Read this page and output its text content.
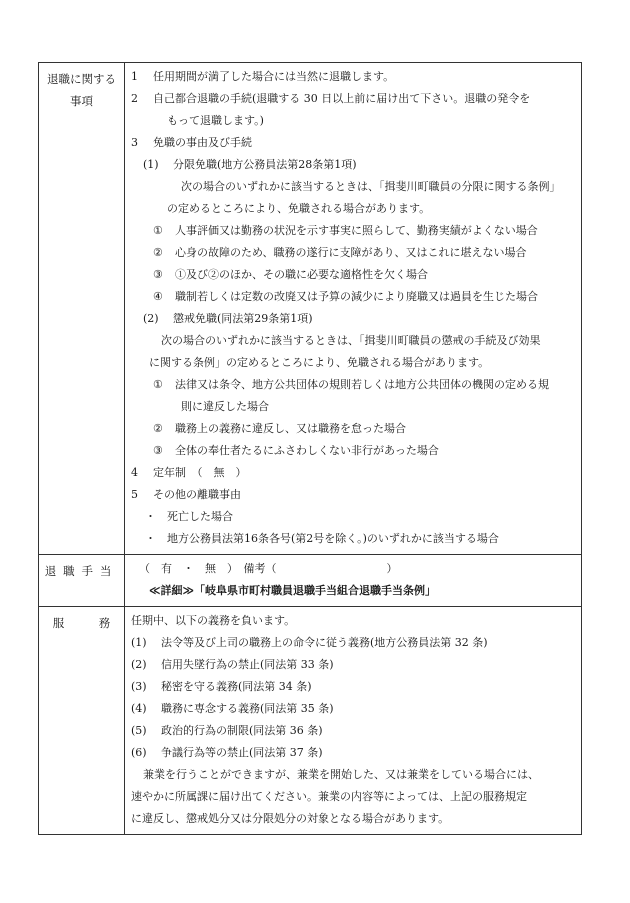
退職に関する
事項
1 任用期間が満了した場合には当然に退職します。
2 自己都合退職の手続(退職する 30 日以上前に届け出て下さい。退職の発令を
もって退職します。)
3 免職の事由及び手続
(1) 分限免職(地方公務員法第28条第1項)
次の場合のいずれかに該当するときは、「揖斐川町職員の分限に関する条例」
の定めるところにより、免職される場合があります。
① 人事評価又は勤務の状況を示す事実に照らして、勤務実績がよくない場合
② 心身の故障のため、職務の遂行に支障があり、又はこれに堪えない場合
③ ①及び②のほか、その職に必要な適格性を欠く場合
④ 職制若しくは定数の改廃又は予算の減少により廃職又は過員を生じた場合
(2) 懲戒免職(同法第29条第1項)
次の場合のいずれかに該当するときは、「揖斐川町職員の懲戒の手続及び効果
に関する条例」の定めるところにより、免職される場合があります。
① 法律又は条令、地方公共団体の規則若しくは地方公共団体の機関の定める規
則に違反した場合
② 職務上の義務に違反し、又は職務を怠った場合
③ 全体の奉仕者たるにふさわしくない非行があった場合
4 定年制　（　無　）
5 その他の離職事由
・ 死亡した場合
・ 地方公務員法第16条各号(第2号を除く。)のいずれかに該当する場合
退職手当	（　有　・　無　）　備考（　　　　　　　　　　）
≪詳細≫「岐阜県市町村職員退職手当組合退職手当条例」
服　　　務	任期中、以下の義務を負います。
(1) 法令等及び上司の職務上の命令に従う義務(地方公務員法第 32 条)
(2) 信用失墜行為の禁止(同法第 33 条)
(3) 秘密を守る義務(同法第 34 条)
(4) 職務に専念する義務(同法第 35 条)
(5) 政治的行為の制限(同法第 36 条)
(6) 争議行為等の禁止(同法第 37 条)
兼業を行うことができますが、兼業を開始した、又は兼業をしている場合には、
速やかに所属課に届け出てください。兼業の内容等によっては、上記の服務規定
に違反し、懲戒処分又は分限処分の対象となる場合があります。
